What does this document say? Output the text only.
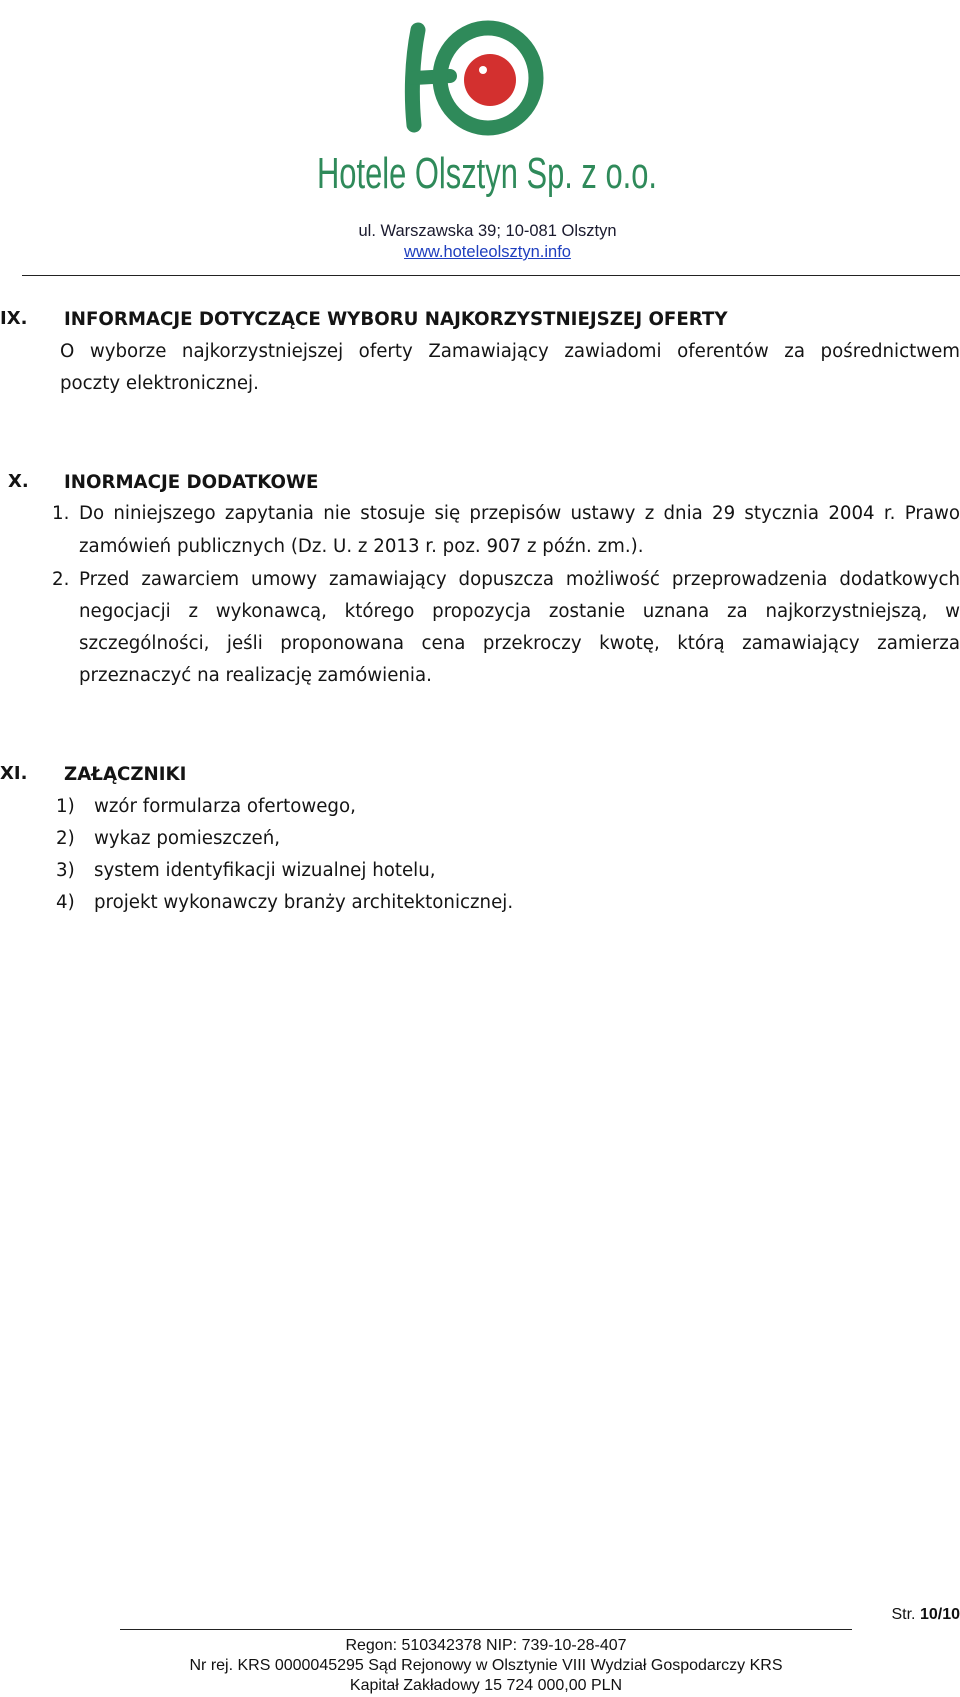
Hotele Olsztyn Sp. z o.o.
ul. Warszawska 39; 10-081 Olsztyn
www.hoteleolsztyn.info
IX. INFORMACJE DOTYCZĄCE WYBORU NAJKORZYSTNIEJSZEJ OFERTY
O wyborze najkorzystniejszej oferty Zamawiający zawiadomi oferentów za pośrednictwem
poczty elektronicznej.
X. INORMACJE DODATKOWE
1. Do niniejszego zapytania nie stosuje się przepisów ustawy z dnia 29 stycznia 2004 r. Prawo
zamówień publicznych (Dz. U. z 2013 r. poz. 907 z późn. zm.).
2. Przed zawarciem umowy zamawiający dopuszcza możliwość przeprowadzenia dodatkowych
negocjacji z wykonawcą, którego propozycja zostanie uznana za najkorzystniejszą, w
szczególności, jeśli proponowana cena przekroczy kwotę, którą zamawiający zamierza
przeznaczyć na realizację zamówienia.
XI. ZAŁĄCZNIKI
1) wzór formularza ofertowego,
2) wykaz pomieszczeń,
3) system identyfikacji wizualnej hotelu,
4) projekt wykonawczy branży architektonicznej.
Str. 10/10
Regon: 510342378 NIP: 739-10-28-407
Nr rej. KRS 0000045295 Sąd Rejonowy w Olsztynie VIII Wydział Gospodarczy KRS
Kapitał Zakładowy 15 724 000,00 PLN
